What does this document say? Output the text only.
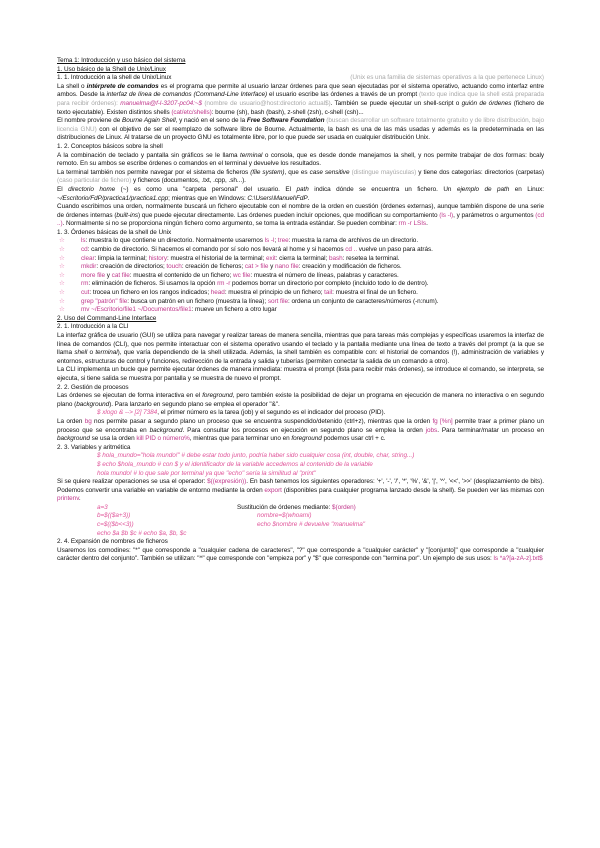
Tema 1: Introducción y uso básico del sistema
1. Uso básico de la Shell de Unix/Linux
1. 1. Introducción a la shell de Unix/Linux	(Unix es una familia de sistemas operativos a la que pertenece Linux)

La shell o intérprete de comandos es el programa que permite al usuario lanzar órdenes para que sean ejecutadas por el sistema operativo, actuando como interfaz entre ambos. Desde la interfaz de línea de comandos (Command-Line Interface) el usuario escribe las órdenes a través de un prompt (texto que indica que la shell está preparada para recibir órdenes): manuelma@f-l-3207-pc04:~$ (nombre de usuario@host:directorio actual$). También se puede ejecutar un shell-script o guión de órdenes (fichero de texto ejecutable). Existen distintos shells (cat/etc/shells): bourne (sh), bash (bash), z-shell (zsh), c-shell (csh)...

El nombre proviene de Bourne Again Shell, y nació en el seno de la Free Software Foundation (buscan desarrollar un software totalmente gratuito y de libre distribución, bajo licencia GNU) con el objetivo de ser el reemplazo de software libre de Bourne. Actualmente, la bash es una de las más usadas y además es la predeterminada en las distribuciones de Linux. Al tratarse de un proyecto GNU es totalmente libre, por lo que puede ser usada en cualquier distribución Unix.

1. 2. Conceptos básicos sobre la shell

A la combinación de teclado y pantalla sin gráficos se le llama terminal o consola, que es desde donde manejamos la shell, y nos permite trabajar de dos formas: bcaly remoto. En su ambos se escribe órdenes o comandos en el terminal y devuelve los resultados.

La terminal también nos permite navegar por el sistema de ficheros (file system), que es case sensitive (distingue mayúsculas) y tiene dos categorías: directorios (carpetas) (caso particular de fichero) y ficheros (documentos, .txt, .cpp, .sh...).

El directorio home (~) es como una "carpeta personal" del usuario. El path indica dónde se encuentra un fichero. Un ejemplo de path en Linux: ~/Escritorio/FdP/practica1/practica1.cpp; mientras que en Windows: C:\Users\Manuel\FdP.

Cuando escribimos una orden, normalmente buscará un fichero ejecutable con el nombre de la orden en cuestión (órdenes externas), aunque también dispone de una serie de órdenes internas (built-ins) que puede ejecutar directamente. Las órdenes pueden incluir opciones, que modifican su comportamiento (ls -l), y parámetros o argumentos (cd ..). Normalmente si no se proporciona ningún fichero como argumento, se toma la entrada estándar. Se pueden combinar: rm -r LSIs.

1. 3. Órdenes básicas de la shell de Unix
☆	ls: muestra lo que contiene un directorio. Normalmente usaremos ls -l; tree: muestra la rama de archivos de un directorio.
☆	cd: cambio de directorio. Si hacemos el comando por sí solo nos llevará al home y si hacemos cd .. vuelve un paso para atrás.
☆	clear: limpia la terminal; history: muestra el historial de la terminal; exit: cierra la terminal; bash: resetea la terminal.
☆	mkdir: creación de directorios; touch: creación de ficheros; cat > file y nano file: creación y modificación de ficheros.
☆	more file y cat file: muestra el contenido de un fichero; wc file: muestra el número de líneas, palabras y caracteres.
☆	rm: eliminación de ficheros. Si usamos la opción rm -r podemos borrar un directorio por completo (incluido todo lo de dentro).
☆	cut: trocea un fichero en los rangos indicados; head: muestra el principio de un fichero; tail: muestra el final de un fichero.
☆	grep "patrón" file: busca un patrón en un fichero (muestra la línea); sort file: ordena un conjunto de caracteres/números (-n:num).
☆	mv ~/Escritorio/file1 ~/Documentos/file1: mueve un fichero a otro lugar
2. Uso del Command-Line Interface
2. 1. Introducción a la CLI

La interfaz gráfica de usuario (GUI) se utiliza para navegar y realizar tareas de manera sencilla, mientras que para tareas más complejas y específicas usaremos la interfaz de línea de comandos (CLI), que nos permite interactuar con el sistema operativo usando el teclado y la pantalla mediante una línea de texto a través del prompt (a la que se llama shell o terminal), que varía dependiendo de la shell utilizada. Además, la shell también es compatible con: el historial de comandos (!), administración de variables y entornos, estructuras de control y funciones, redirección de la entrada y salida y tuberías (permiten conectar la salida de un comando a otro).

La CLI implementa un bucle que permite ejecutar órdenes de manera inmediata: muestra el prompt (lista para recibir más órdenes), se introduce el comando, se interpreta, se ejecuta, si tiene salida se muestra por pantalla y se muestra de nuevo el prompt.

2. 2. Gestión de procesos

Las órdenes se ejecutan de forma interactiva en el foreground, pero también existe la posibilidad de dejar un programa en ejecución de manera no interactiva o en segundo plano (background). Para lanzarlo en segundo plano se emplea el operador "&".

$ xlogo & --> [2] 7384, el primer número es la tarea (job) y el segundo es el indicador del proceso (PID).

La orden bg nos permite pasar a segundo plano un proceso que se encuentra suspendido/detenido (ctrl+z), mientras que la orden fg [%n] permite traer a primer plano un proceso que se encontraba en background. Para consultar los procesos en ejecución en segundo plano se emplea la orden jobs. Para terminar/matar un proceso en background se usa la orden kill PID o número%, mientras que para terminar uno en foreground podemos usar ctrl + c.

2. 3. Variables y aritmética
$ hola_mundo="hola mundo!" # debe estar todo junto, podría haber sido cualquier cosa (int, double, char, string...)
$ echo $hola_mundo # con $ y el identificador de la variable accedemos al contenido de la variable
hola mundo! # lo que sale por terminal ya que "echo" sería la similitud al "print"

Si se quiere realizar operaciones se usa el operador: $((expresión)). En bash tenemos los siguientes operadores: '+', '-', '/', '*', '%', '&', '|', '^', '<<', '>>' (desplazamiento de bits). Podemos convertir una variable en variable de entorno mediante la orden export (disponibles para cualquier programa lanzado desde la shell). Se pueden ver las mismas con printenv.

a=3
b=$(($a+3))
c=$(($b<<3))
Sustitución de órdenes mediante: $(orden)
nombre=$(whoami)
echo $nombre # devuelve "manuelma"
echo $a $b $c # echo $a, $b, $c
2. 4. Expansión de nombres de ficheros

Usaremos los comodines: "*" que corresponde a "cualquier cadena de caracteres", "?" que corresponde a "cualquier carácter" y "[conjunto]" que corresponde a "cualquier carácter dentro del conjunto". También se utilizan: "^" que corresponde con "empieza por" y "$" que corresponde con "termina por". Un ejemplo de sus usos: ls *a?[a-zA-z].txt$
